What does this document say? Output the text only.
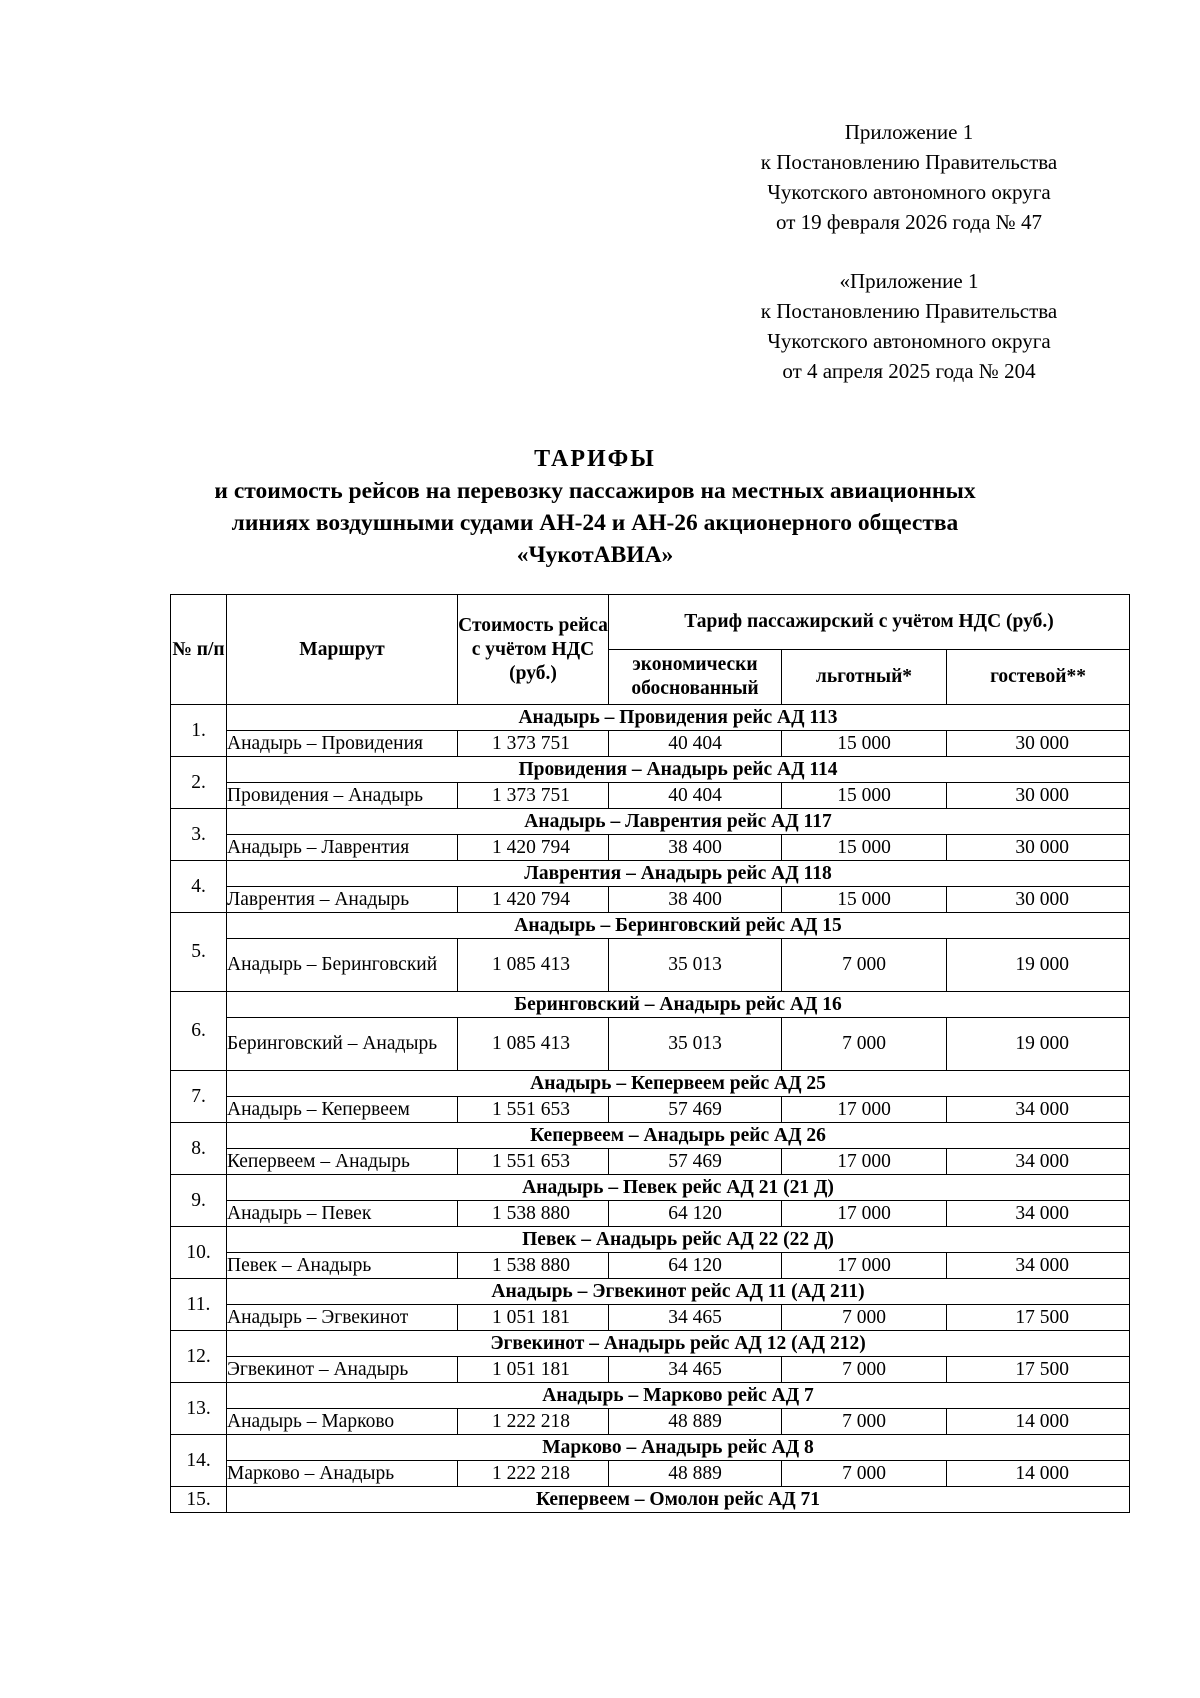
Приложение 1
к Постановлению Правительства
Чукотского автономного округа
от 19 февраля 2026 года № 47
«Приложение 1
к Постановлению Правительства
Чукотского автономного округа
от 4 апреля 2025 года № 204
ТАРИФЫ
и стоимость рейсов на перевозку пассажиров на местных авиационных
линиях воздушными судами АН-24 и АН-26 акционерного общества
«ЧукотАВИА»
№ п/п	Маршрут	Стоимость рейса с учётом НДС (руб.)	Тариф пассажирский с учётом НДС (руб.)		
			экономически обоснованный	льготный*	гостевой**
1.	Анадырь – Провидения рейс АД 113				
	Анадырь – Провидения	1 373 751	40 404	15 000	30 000
2.	Провидения – Анадырь рейс АД 114				
	Провидения – Анадырь	1 373 751	40 404	15 000	30 000
3.	Анадырь – Лаврентия рейс АД 117				
	Анадырь – Лаврентия	1 420 794	38 400	15 000	30 000
4.	Лаврентия – Анадырь рейс АД 118				
	Лаврентия – Анадырь	1 420 794	38 400	15 000	30 000
5.	Анадырь – Беринговский рейс АД 15				
	Анадырь – Беринговский	1 085 413	35 013	7 000	19 000
6.	Беринговский – Анадырь рейс АД 16				
	Беринговский – Анадырь	1 085 413	35 013	7 000	19 000
7.	Анадырь – Кепервеем рейс АД 25				
	Анадырь – Кепервеем	1 551 653	57 469	17 000	34 000
8.	Кепервеем – Анадырь рейс АД 26				
	Кепервеем – Анадырь	1 551 653	57 469	17 000	34 000
9.	Анадырь – Певек рейс АД 21 (21 Д)				
	Анадырь – Певек	1 538 880	64 120	17 000	34 000
10.	Певек – Анадырь рейс АД 22 (22 Д)				
	Певек – Анадырь	1 538 880	64 120	17 000	34 000
11.	Анадырь – Эгвекинот рейс АД 11 (АД 211)				
	Анадырь – Эгвекинот	1 051 181	34 465	7 000	17 500
12.	Эгвекинот – Анадырь рейс АД 12 (АД 212)				
	Эгвекинот – Анадырь	1 051 181	34 465	7 000	17 500
13.	Анадырь – Марково рейс АД 7				
	Анадырь – Марково	1 222 218	48 889	7 000	14 000
14.	Марково – Анадырь рейс АД 8				
	Марково – Анадырь	1 222 218	48 889	7 000	14 000
15.	Кепервеем – Омолон рейс АД 71				
